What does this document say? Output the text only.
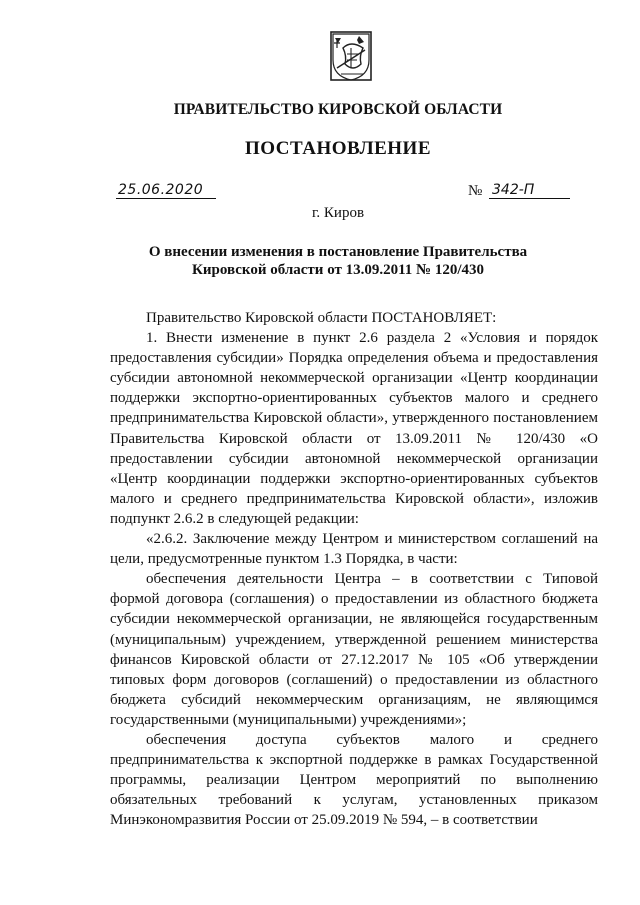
ПРАВИТЕЛЬСТВО КИРОВСКОЙ ОБЛАСТИ
ПОСТАНОВЛЕНИЕ
25.06.2020	№ 342-П
г. Киров
О внесении изменения в постановление Правительства
Кировской области от 13.09.2011 № 120/430

Правительство Кировской области ПОСТАНОВЛЯЕТ:

1. Внести изменение в пункт 2.6 раздела 2 «Условия и порядок предоставления субсидии» Порядка определения объема и предоставления субсидии автономной некоммерческой организации «Центр координации поддержки экспортно-ориентированных субъектов малого и среднего предпринимательства Кировской области», утвержденного постановлением Правительства Кировской области от 13.09.2011 № 120/430 «О предоставлении субсидии автономной некоммерческой организации «Центр координации поддержки экспортно-ориентированных субъектов малого и среднего предпринимательства Кировской области», изложив подпункт 2.6.2 в следующей редакции:

«2.6.2. Заключение между Центром и министерством соглашений на цели, предусмотренные пунктом 1.3 Порядка, в части:

обеспечения деятельности Центра – в соответствии с Типовой формой договора (соглашения) о предоставлении из областного бюджета субсидии некоммерческой организации, не являющейся государственным (муниципальным) учреждением, утвержденной решением министерства финансов Кировской области от 27.12.2017 № 105 «Об утверждении типовых форм договоров (соглашений) о предоставлении из областного бюджета субсидий некоммерческим организациям, не являющимся государственными (муниципальными) учреждениями»;

обеспечения доступа субъектов малого и среднего предпринимательства к экспортной поддержке в рамках Государственной программы, реализации Центром мероприятий по выполнению обязательных требований к услугам, установленных приказом Минэкономразвития России от 25.09.2019 № 594, – в соответствии
